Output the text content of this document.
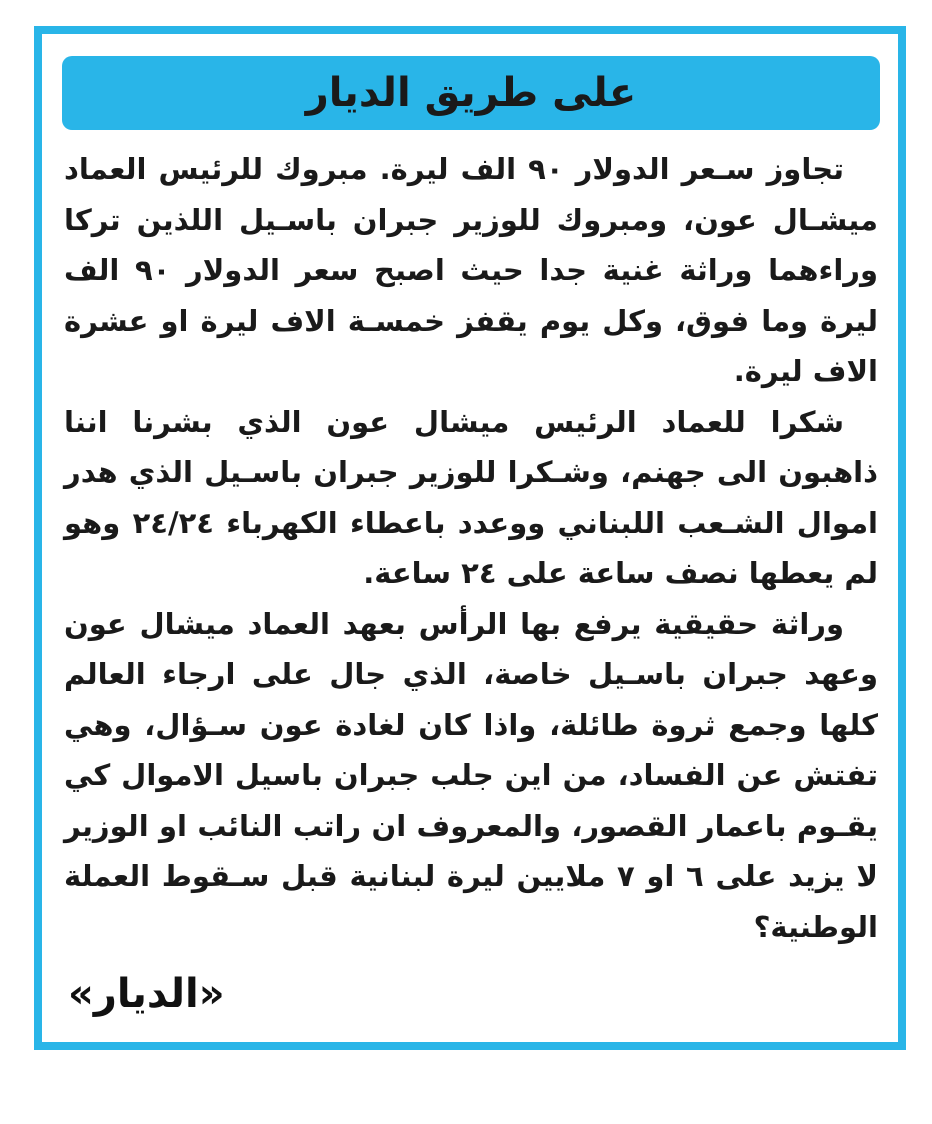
على طريق الديار

تجاوز سـعر الدولار ٩٠ الف ليرة. مبروك للرئيس العماد ميشـال عون، ومبروك للوزير جبران باسـيل اللذين تركا وراءهما وراثة غنية جدا حيث اصبح سعر الدولار ٩٠ الف ليرة وما فوق، وكل يوم يقفز خمسـة الاف ليرة او عشرة الاف ليرة.

شكرا للعماد الرئيس ميشال عون الذي بشرنا اننا ذاهبون الى جهنم، وشـكرا للوزير جبران باسـيل الذي هدر اموال الشـعب اللبناني ووعدد باعطاء الكهرباء ٢٤/٢٤ وهو لم يعطها نصف ساعة على ٢٤ ساعة.

وراثة حقيقية يرفع بها الرأس بعهد العماد ميشال عون وعهد جبران باسـيل خاصة، الذي جال على ارجاء العالم كلها وجمع ثروة طائلة، واذا كان لغادة عون سـؤال، وهي تفتش عن الفساد، من اين جلب جبران باسيل الاموال كي يقـوم باعمار القصور، والمعروف ان راتب النائب او الوزير لا يزيد على ٦ او ٧ ملايين ليرة لبنانية قبل سـقوط العملة الوطنية؟

«الديار»
